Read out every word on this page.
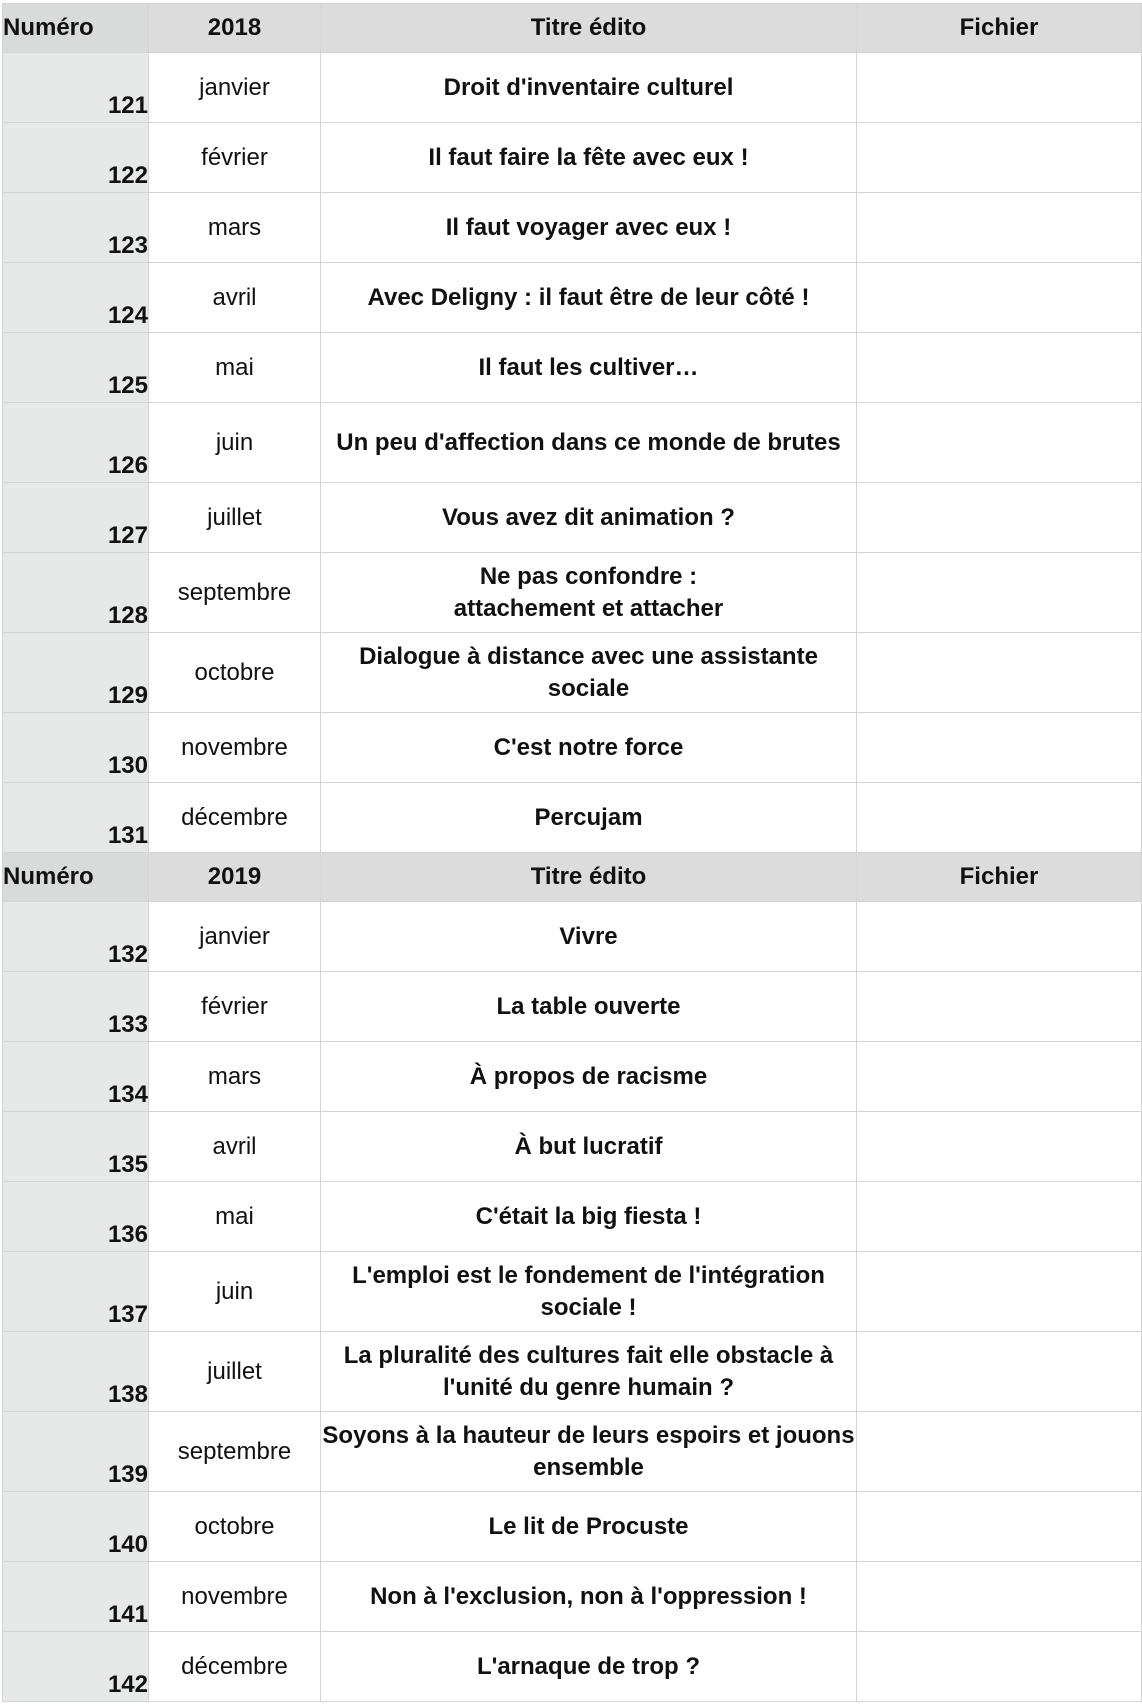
Numéro	2018	Titre édito	Fichier
121	janvier	Droit d'inventaire culturel	
122	février	Il faut faire la fête avec eux !	
123	mars	Il faut voyager avec eux !	
124	avril	Avec Deligny : il faut être de leur côté !	
125	mai	Il faut les cultiver…	
126	juin	Un peu d'affection dans ce monde de brutes	
127	juillet	Vous avez dit animation ?	
128	septembre	Ne pas confondre :
attachement et attacher	
129	octobre	Dialogue à distance avec une assistante sociale	
130	novembre	C'est notre force	
131	décembre	Percujam	
Numéro	2019	Titre édito	Fichier
132	janvier	Vivre	
133	février	La table ouverte	
134	mars	À propos de racisme	
135	avril	À but lucratif	
136	mai	C'était la big fiesta !	
137	juin	L'emploi est le fondement de l'intégration sociale !	
138	juillet	La pluralité des cultures fait elle obstacle à l'unité du genre humain ?	
139	septembre	Soyons à la hauteur de leurs espoirs et jouons ensemble	
140	octobre	Le lit de Procuste	
141	novembre	Non à l'exclusion, non à l'oppression !	
142	décembre	L'arnaque de trop ?	
